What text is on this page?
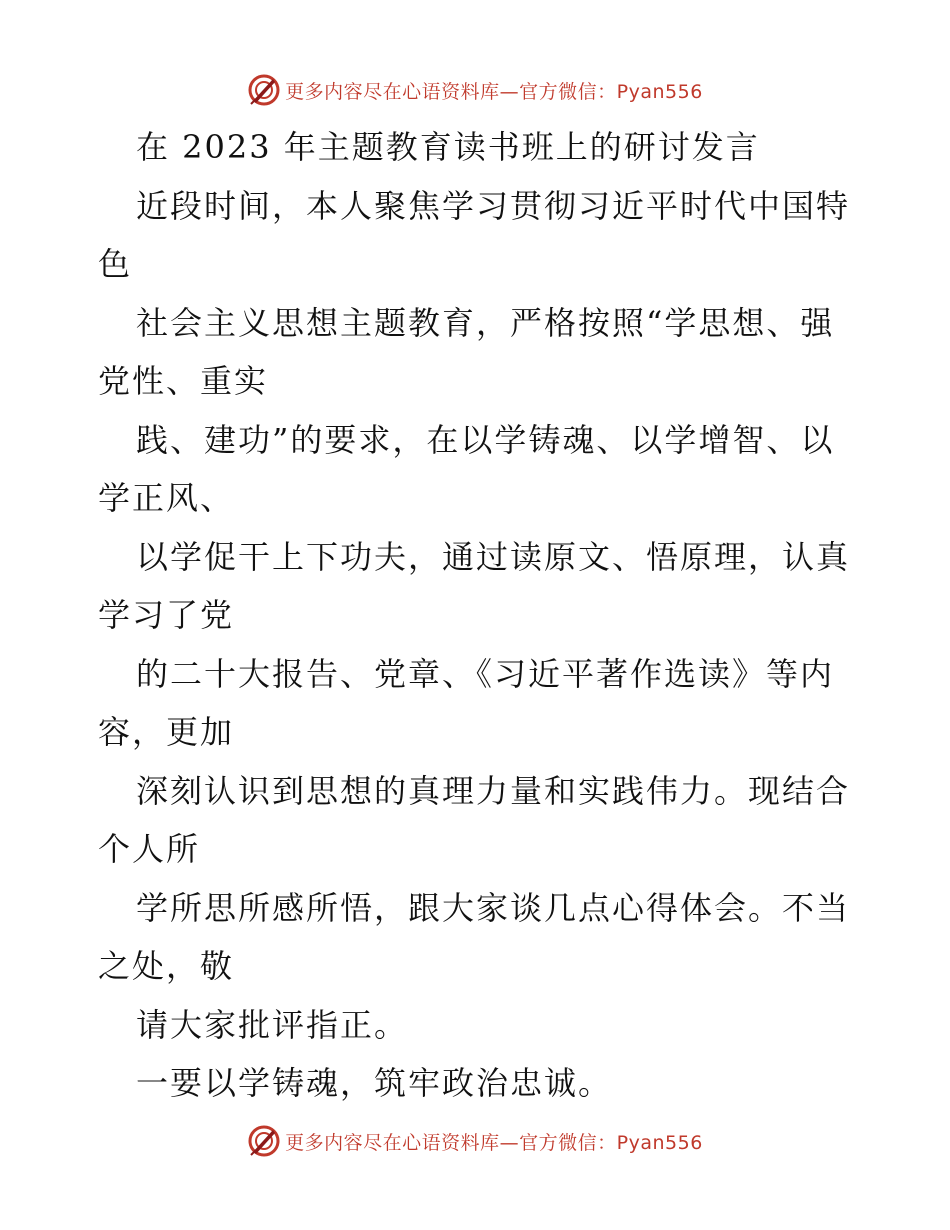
更多内容尽在心语资料库—官方微信：Pyan556
在 2023 年主题教育读书班上的研讨发言
近段时间，本人聚焦学习贯彻习近平时代中国特
色
社会主义思想主题教育，严格按照“学思想、强
党性、重实
践、建功”的要求，在以学铸魂、以学增智、以
学正风、
以学促干上下功夫，通过读原文、悟原理，认真
学习了党
的二十大报告、党章、《习近平著作选读》等内
容，更加
深刻认识到思想的真理力量和实践伟力。现结合
个人所
学所思所感所悟，跟大家谈几点心得体会。不当
之处，敬
请大家批评指正。
一要以学铸魂，筑牢政治忠诚。
更多内容尽在心语资料库—官方微信：Pyan556
